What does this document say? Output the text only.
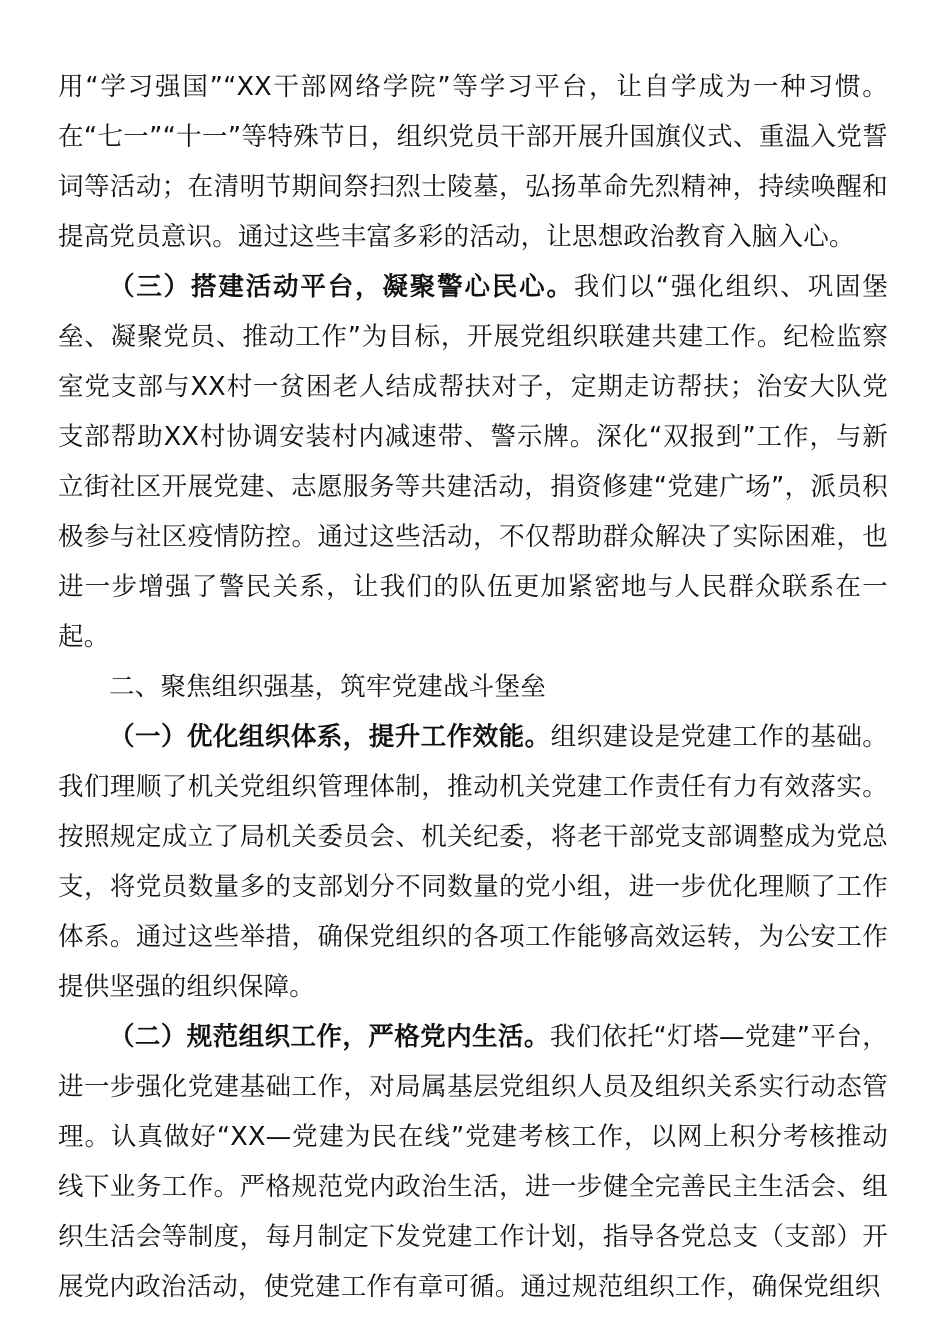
用“学习强国”“XX干部网络学院”等学习平台，让自学成为一种习惯。在“七一”“十一”等特殊节日，组织党员干部开展升国旗仪式、重温入党誓词等活动；在清明节期间祭扫烈士陵墓，弘扬革命先烈精神，持续唤醒和提高党员意识。通过这些丰富多彩的活动，让思想政治教育入脑入心。

（三）搭建活动平台，凝聚警心民心。我们以“强化组织、巩固堡垒、凝聚党员、推动工作”为目标，开展党组织联建共建工作。纪检监察室党支部与XX村一贫困老人结成帮扶对子，定期走访帮扶；治安大队党支部帮助XX村协调安装村内减速带、警示牌。深化“双报到”工作，与新立街社区开展党建、志愿服务等共建活动，捐资修建“党建广场”，派员积极参与社区疫情防控。通过这些活动，不仅帮助群众解决了实际困难，也进一步增强了警民关系，让我们的队伍更加紧密地与人民群众联系在一起。

二、聚焦组织强基，筑牢党建战斗堡垒

（一）优化组织体系，提升工作效能。组织建设是党建工作的基础。我们理顺了机关党组织管理体制，推动机关党建工作责任有力有效落实。按照规定成立了局机关委员会、机关纪委，将老干部党支部调整成为党总支，将党员数量多的支部划分不同数量的党小组，进一步优化理顺了工作体系。通过这些举措，确保党组织的各项工作能够高效运转，为公安工作提供坚强的组织保障。

（二）规范组织工作，严格党内生活。我们依托“灯塔—党建”平台，进一步强化党建基础工作，对局属基层党组织人员及组织关系实行动态管理。认真做好“XX—党建为民在线”党建考核工作，以网上积分考核推动线下业务工作。严格规范党内政治生活，进一步健全完善民主生活会、组织生活会等制度，每月制定下发党建工作计划，指导各党总支（支部）开展党内政治活动，使党建工作有章可循。通过规范组织工作，确保党组织
